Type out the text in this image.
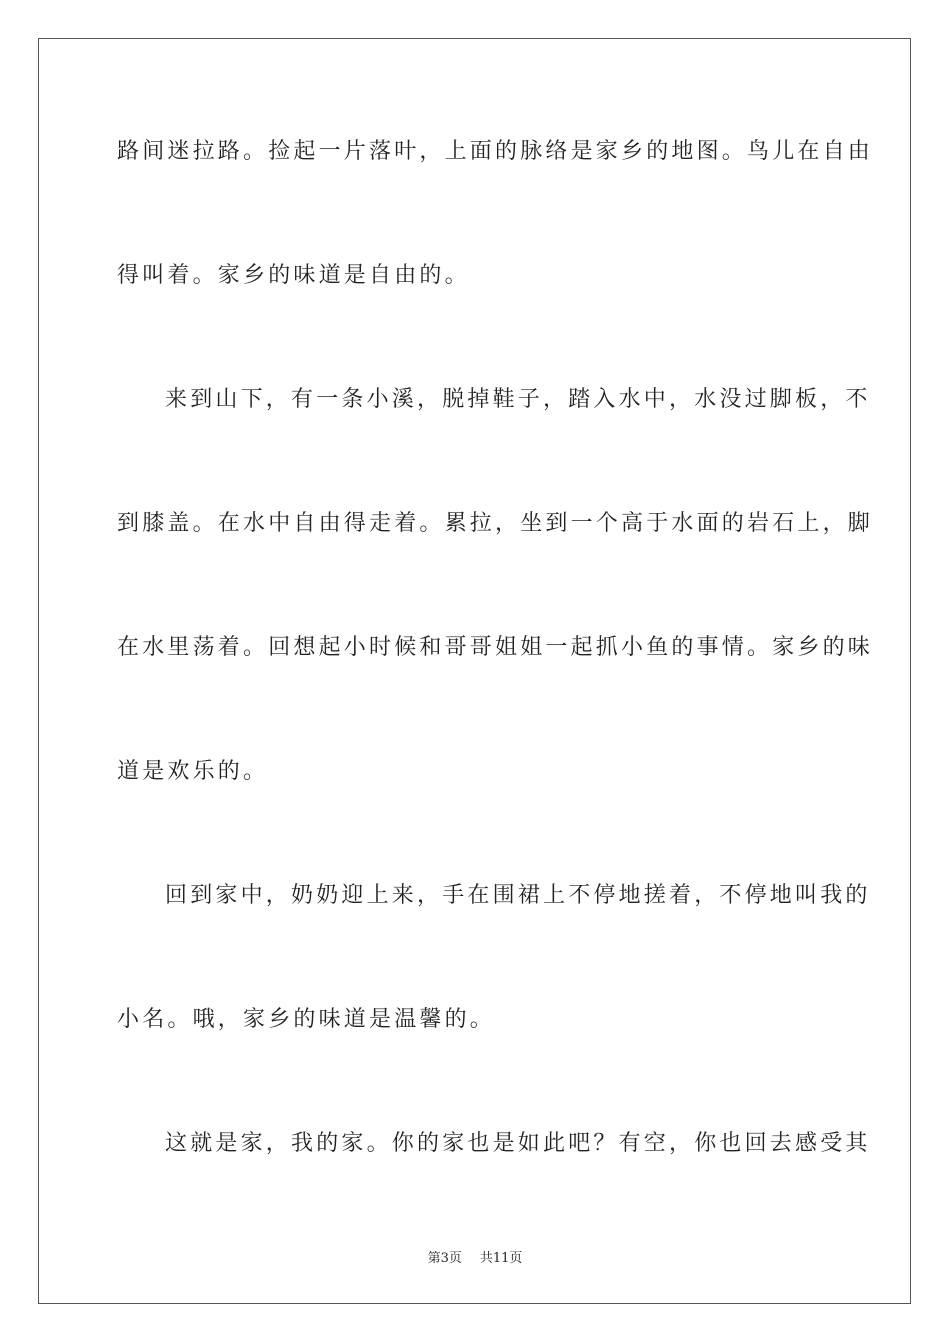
路间迷拉路。捡起一片落叶，上面的脉络是家乡的地图。鸟儿在自由
得叫着。家乡的味道是自由的。
来到山下，有一条小溪，脱掉鞋子，踏入水中，水没过脚板，不
到膝盖。在水中自由得走着。累拉，坐到一个高于水面的岩石上，脚
在水里荡着。回想起小时候和哥哥姐姐一起抓小鱼的事情。家乡的味
道是欢乐的。
回到家中，奶奶迎上来，手在围裙上不停地搓着，不停地叫我的
小名。哦，家乡的味道是温馨的。
这就是家，我的家。你的家也是如此吧？有空，你也回去感受其
第3页 共11页
